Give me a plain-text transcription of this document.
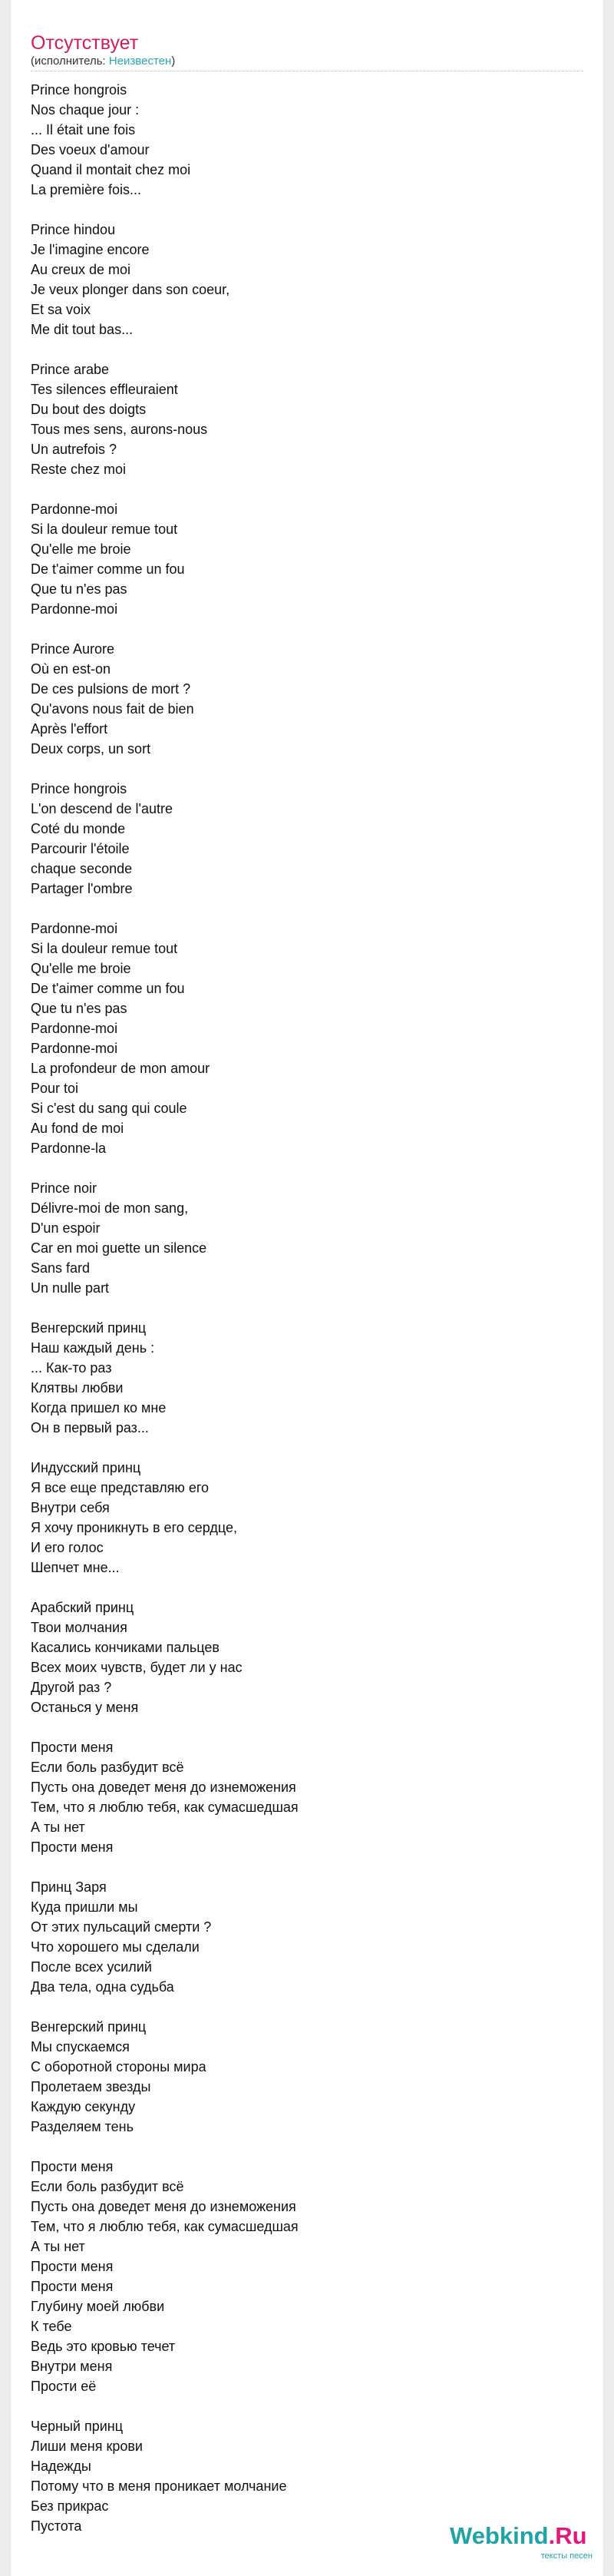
Отсутствует
(исполнитель: Неизвестен)
Prince hongrois
Nos chaque jour :
... Il était une fois
Des voeux d'amour
Quand il montait chez moi
La première fois...
Prince hindou
Je l'imagine encore
Au creux de moi
Je veux plonger dans son coeur,
Et sa voix
Me dit tout bas...
Prince arabe
Tes silences effleuraient
Du bout des doigts
Tous mes sens, aurons-nous
Un autrefois ?
Reste chez moi
Pardonne-moi
Si la douleur remue tout
Qu'elle me broie
De t'aimer comme un fou
Que tu n'es pas
Pardonne-moi
Prince Aurore
Où en est-on
De ces pulsions de mort ?
Qu'avons nous fait de bien
Après l'effort
Deux corps, un sort
Prince hongrois
L'on descend de l'autre
Coté du monde
Parcourir l'étoile
chaque seconde
Partager l'ombre
Pardonne-moi
Si la douleur remue tout
Qu'elle me broie
De t'aimer comme un fou
Que tu n'es pas
Pardonne-moi
Pardonne-moi
La profondeur de mon amour
Pour toi
Si c'est du sang qui coule
Au fond de moi
Pardonne-la
Prince noir
Délivre-moi de mon sang,
D'un espoir
Car en moi guette un silence
Sans fard
Un nulle part
Венгерский принц
Наш каждый день :
... Как-то раз
Клятвы любви
Когда пришел ко мне
Он в первый раз...
Индусский принц
Я все еще представляю его
Внутри себя
Я хочу проникнуть в его сердце,
И его голос
Шепчет мне...
Арабский принц
Твои молчания
Касались кончиками пальцев
Всех моих чувств, будет ли у нас
Другой раз ?
Останься у меня
Прости меня
Если боль разбудит всё
Пусть она доведет меня до изнеможения
Тем, что я люблю тебя, как сумасшедшая
А ты нет
Прости меня
Принц Заря
Куда пришли мы
От этих пульсаций смерти ?
Что хорошего мы сделали
После всех усилий
Два тела, одна судьба
Венгерский принц
Мы спускаемся
С оборотной стороны мира
Пролетаем звезды
Каждую секунду
Разделяем тень
Прости меня
Если боль разбудит всё
Пусть она доведет меня до изнеможения
Тем, что я люблю тебя, как сумасшедшая
А ты нет
Прости меня
Прости меня
Глубину моей любви
К тебе
Ведь это кровью течет
Внутри меня
Прости её
Черный принц
Лиши меня крови
Надежды
Потому что в меня проникает молчание
Без прикрас
Пустота	Webkind.Ru
тексты песен
